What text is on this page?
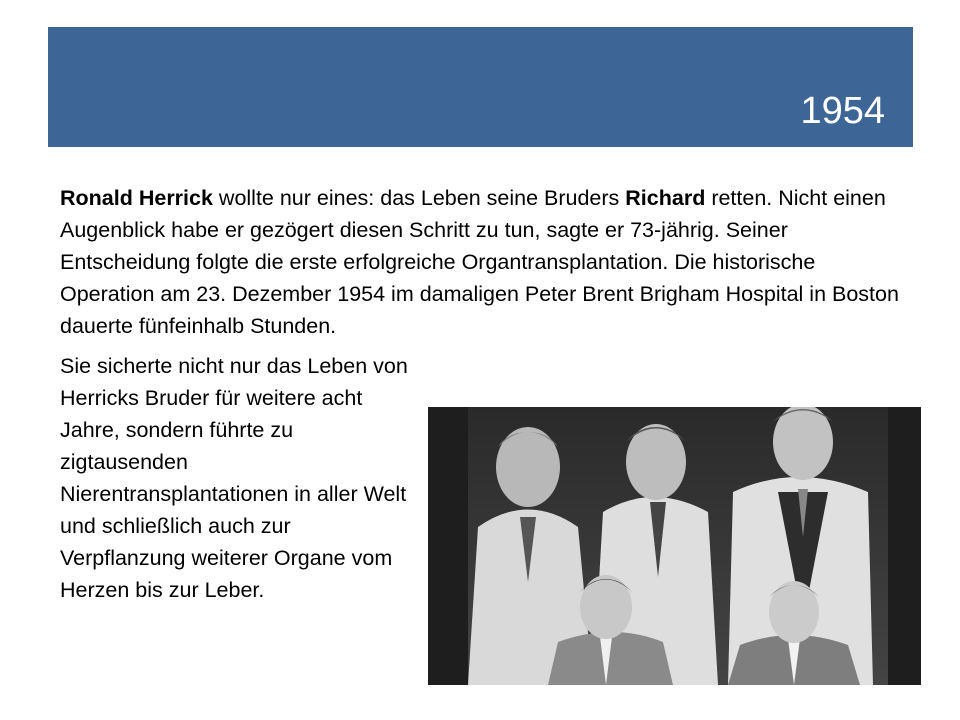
1954
Ronald Herrick wollte nur eines: das Leben seine Bruders Richard retten. Nicht einen Augenblick habe er gezögert diesen Schritt zu tun, sagte er 73-jährig. Seiner Entscheidung folgte die erste erfolgreiche Organtransplantation. Die historische Operation am 23. Dezember 1954 im damaligen Peter Brent Brigham Hospital in Boston dauerte fünfeinhalb Stunden.
Sie sicherte nicht nur das Leben von Herricks Bruder für weitere acht Jahre, sondern führte zu zigtausenden Nierentransplantationen in aller Welt und schließlich auch zur Verpflanzung weiterer Organe vom Herzen bis zur Leber.
